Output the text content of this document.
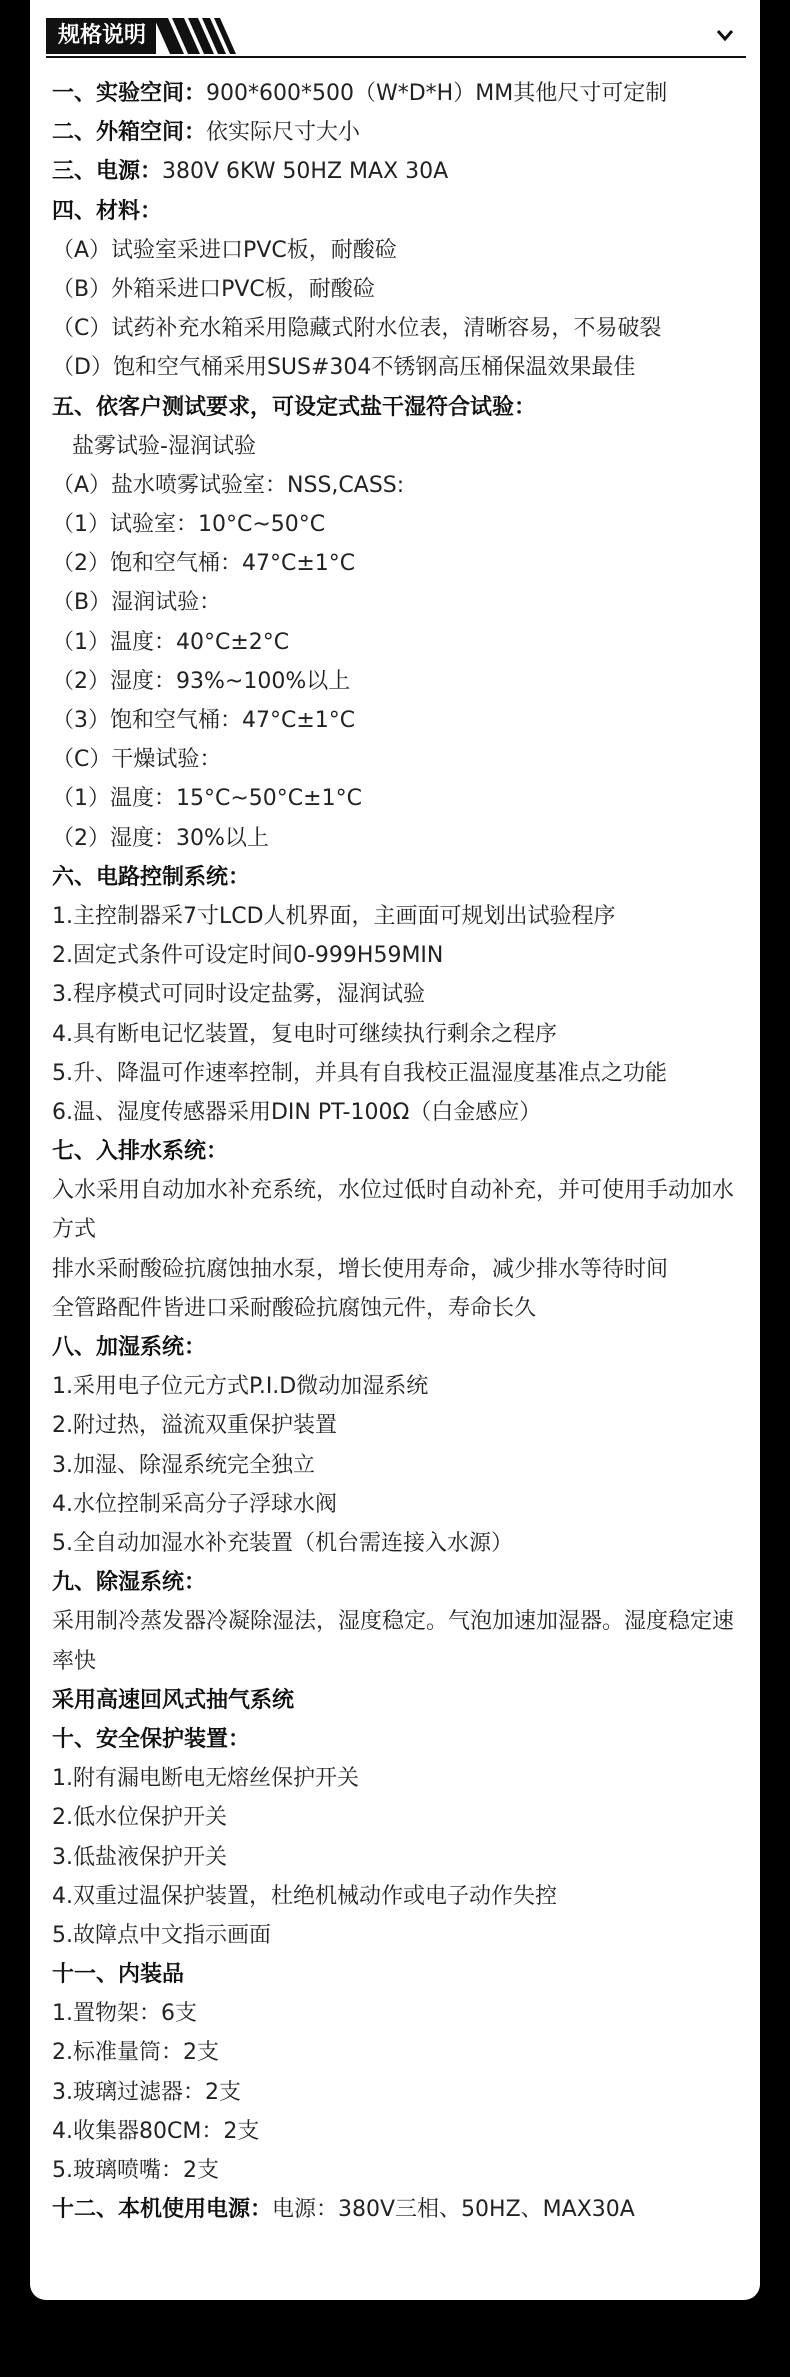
规格说明
一、实验空间：900*600*500（W*D*H）MM其他尺寸可定制
二、外箱空间：依实际尺寸大小
三、电源：380V 6KW 50HZ MAX 30A
四、材料：
（A）试验室采进口PVC板，耐酸硷
（B）外箱采进口PVC板，耐酸硷
（C）试药补充水箱采用隐藏式附水位表，清晰容易，不易破裂
（D）饱和空气桶采用SUS#304不锈钢高压桶保温效果最佳
五、依客户测试要求，可设定式盐干湿符合试验：
盐雾试验-湿润试验
（A）盐水喷雾试验室：NSS,CASS:
（1）试验室：10°C~50°C
（2）饱和空气桶：47°C±1°C
（B）湿润试验：
（1）温度：40°C±2°C
（2）湿度：93%~100%以上
（3）饱和空气桶：47°C±1°C
（C）干燥试验：
（1）温度：15°C~50°C±1°C
（2）湿度：30%以上
六、电路控制系统：
1.主控制器采7寸LCD人机界面，主画面可规划出试验程序
2.固定式条件可设定时间0-999H59MIN
3.程序模式可同时设定盐雾，湿润试验
4.具有断电记忆装置，复电时可继续执行剩余之程序
5.升、降温可作速率控制，并具有自我校正温湿度基准点之功能
6.温、湿度传感器采用DIN PT-100Ω（白金感应）
七、入排水系统：
入水采用自动加水补充系统，水位过低时自动补充，并可使用手动加水方式
排水采耐酸硷抗腐蚀抽水泵，增长使用寿命，减少排水等待时间
全管路配件皆进口采耐酸硷抗腐蚀元件，寿命长久
八、加湿系统：
1.采用电子位元方式P.I.D微动加湿系统
2.附过热，溢流双重保护装置
3.加湿、除湿系统完全独立
4.水位控制采高分子浮球水阀
5.全自动加湿水补充装置（机台需连接入水源）
九、除湿系统：
采用制冷蒸发器冷凝除湿法，湿度稳定。气泡加速加湿器。湿度稳定速率快
采用高速回风式抽气系统
十、安全保护装置：
1.附有漏电断电无熔丝保护开关
2.低水位保护开关
3.低盐液保护开关
4.双重过温保护装置，杜绝机械动作或电子动作失控
5.故障点中文指示画面
十一、内装品
1.置物架：6支
2.标准量筒：2支
3.玻璃过滤器：2支
4.收集器80CM：2支
5.玻璃喷嘴：2支
十二、本机使用电源：电源：380V三相、50HZ、MAX30A
